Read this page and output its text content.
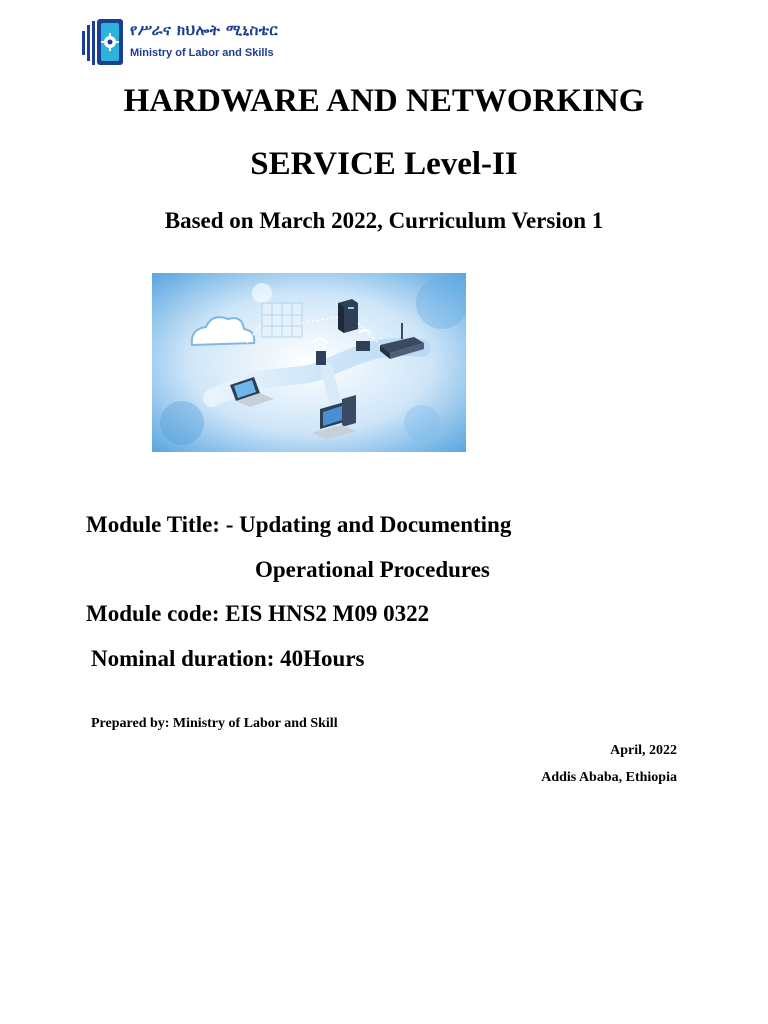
የሥራና ክህሎት ሚኒስቴር
Ministry of Labor and Skills
HARDWARE AND NETWORKING
SERVICE Level-II
Based on March 2022, Curriculum Version 1
Module Title: - Updating and Documenting
Operational Procedures
Module code: EIS HNS2 M09 0322
Nominal duration: 40Hours
Prepared by: Ministry of Labor and Skill
April, 2022
Addis Ababa, Ethiopia
